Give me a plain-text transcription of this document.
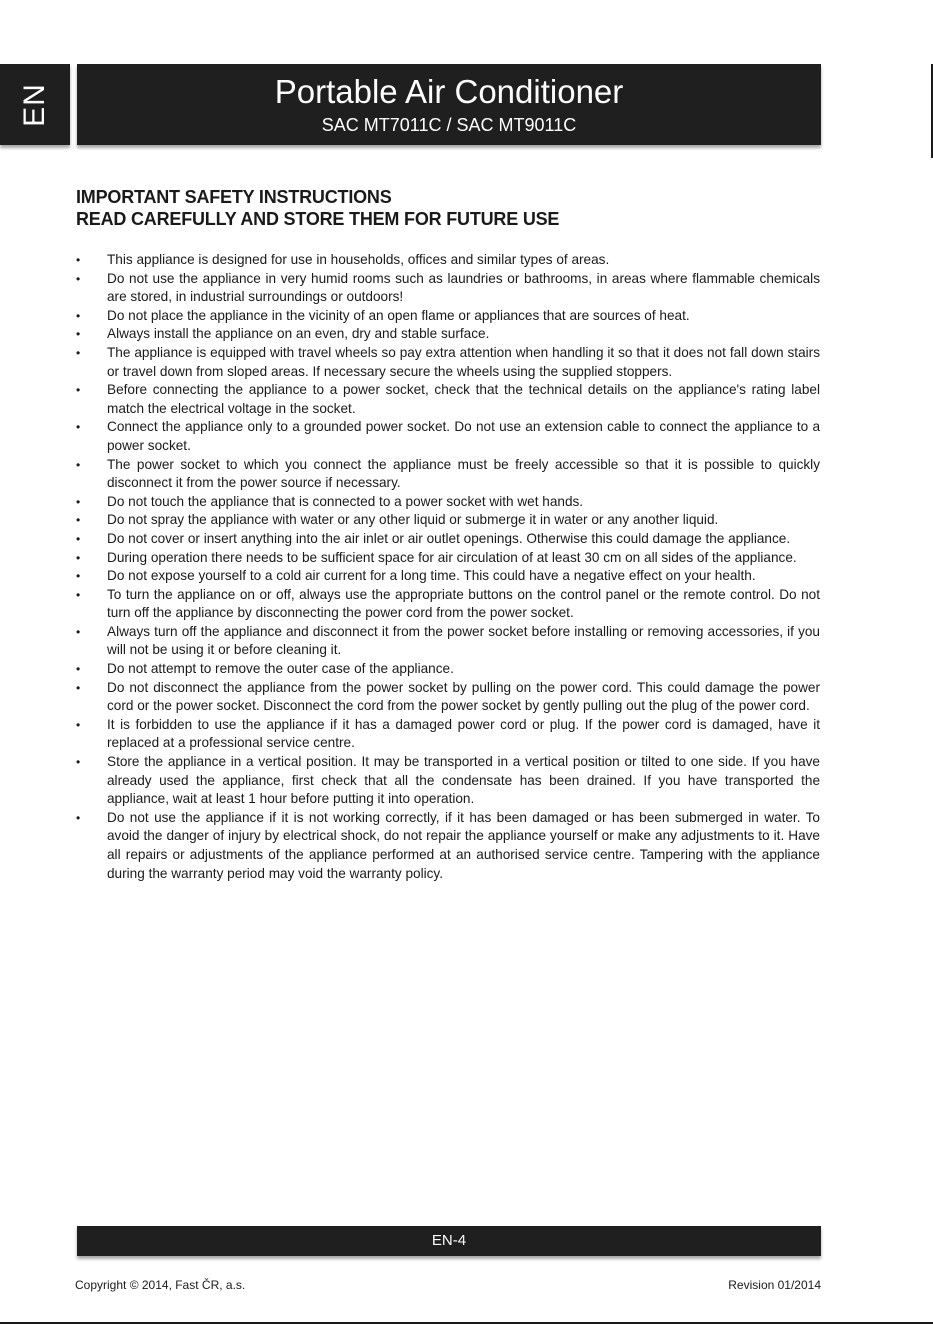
EN	Portable Air Conditioner
SAC MT7011C / SAC MT9011C
IMPORTANT SAFETY INSTRUCTIONS
READ CAREFULLY AND STORE THEM FOR FUTURE USE
• This appliance is designed for use in households, offices and similar types of areas.
• Do not use the appliance in very humid rooms such as laundries or bathrooms, in areas where flammable chemicals are stored, in industrial surroundings or outdoors!
• Do not place the appliance in the vicinity of an open flame or appliances that are sources of heat.
• Always install the appliance on an even, dry and stable surface.
• The appliance is equipped with travel wheels so pay extra attention when handling it so that it does not fall down stairs or travel down from sloped areas. If necessary secure the wheels using the supplied stoppers.
• Before connecting the appliance to a power socket, check that the technical details on the appliance's rating label match the electrical voltage in the socket.
• Connect the appliance only to a grounded power socket. Do not use an extension cable to connect the appliance to a power socket.
• The power socket to which you connect the appliance must be freely accessible so that it is possible to quickly disconnect it from the power source if necessary.
• Do not touch the appliance that is connected to a power socket with wet hands.
• Do not spray the appliance with water or any other liquid or submerge it in water or any another liquid.
• Do not cover or insert anything into the air inlet or air outlet openings. Otherwise this could damage the appliance.
• During operation there needs to be sufficient space for air circulation of at least 30 cm on all sides of the appliance.
• Do not expose yourself to a cold air current for a long time. This could have a negative effect on your health.
• To turn the appliance on or off, always use the appropriate buttons on the control panel or the remote control. Do not turn off the appliance by disconnecting the power cord from the power socket.
• Always turn off the appliance and disconnect it from the power socket before installing or removing accessories, if you will not be using it or before cleaning it.
• Do not attempt to remove the outer case of the appliance.
• Do not disconnect the appliance from the power socket by pulling on the power cord. This could damage the power cord or the power socket. Disconnect the cord from the power socket by gently pulling out the plug of the power cord.
• It is forbidden to use the appliance if it has a damaged power cord or plug. If the power cord is damaged, have it replaced at a professional service centre.
• Store the appliance in a vertical position. It may be transported in a vertical position or tilted to one side. If you have already used the appliance, first check that all the condensate has been drained. If you have transported the appliance, wait at least 1 hour before putting it into operation.
• Do not use the appliance if it is not working correctly, if it has been damaged or has been submerged in water. To avoid the danger of injury by electrical shock, do not repair the appliance yourself or make any adjustments to it. Have all repairs or adjustments of the appliance performed at an authorised service centre. Tampering with the appliance during the warranty period may void the warranty policy.
EN-4
Copyright © 2014, Fast ČR, a.s.	Revision 01/2014
